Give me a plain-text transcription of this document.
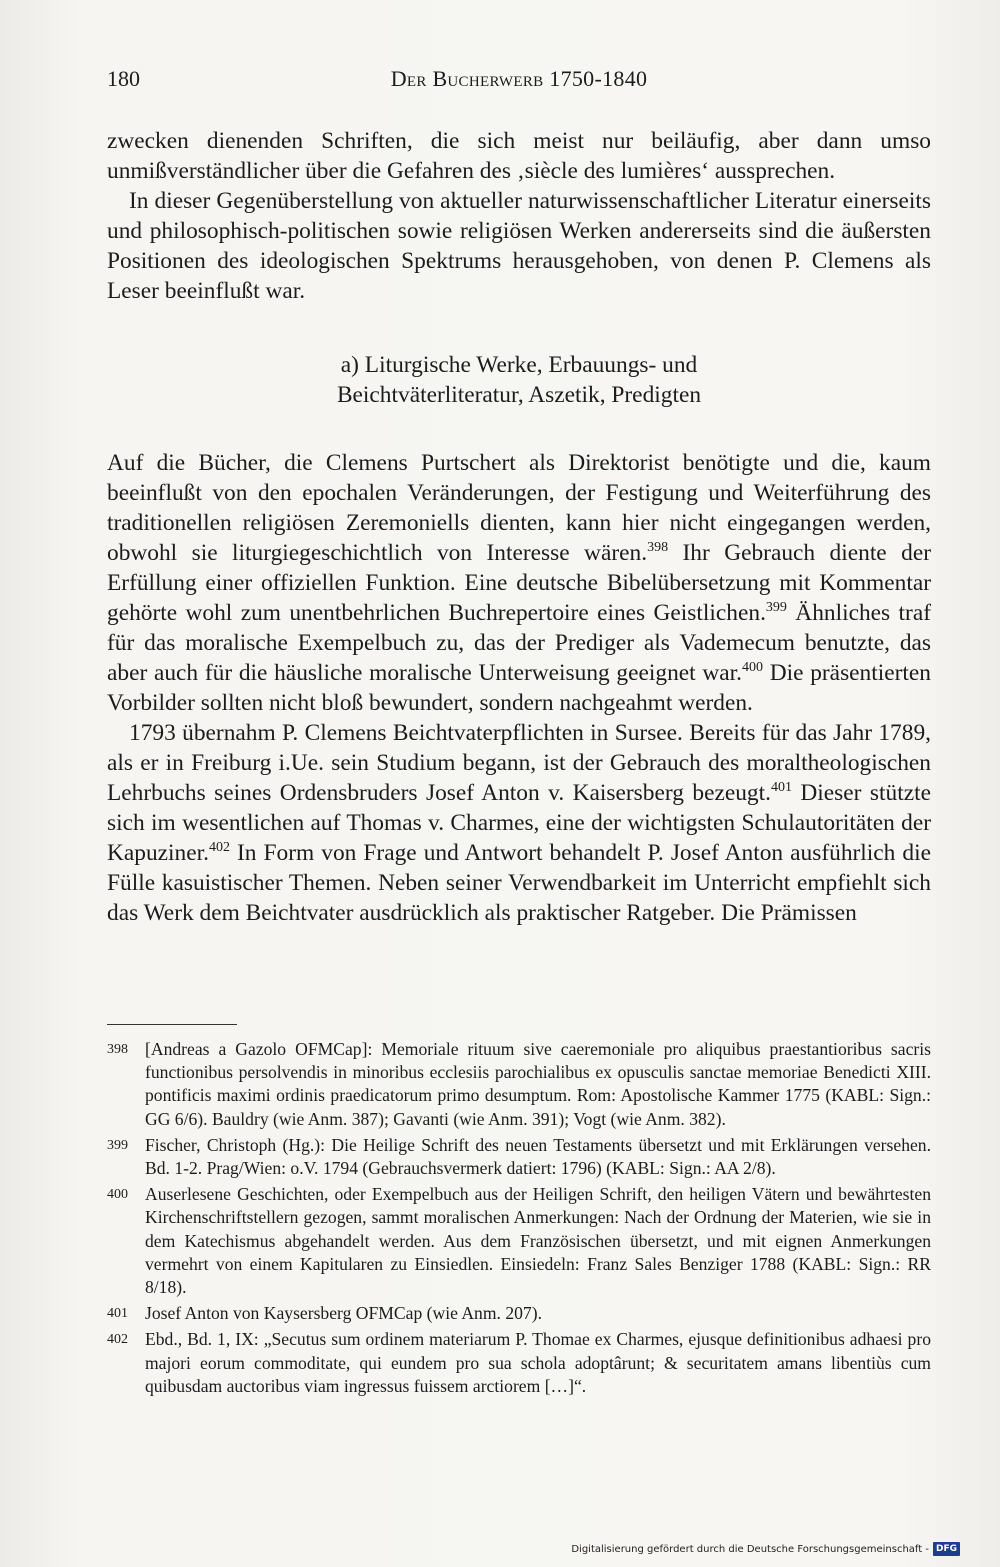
180	Der Bucherwerb 1750-1840

zwecken dienenden Schriften, die sich meist nur beiläufig, aber dann umso unmißverständlicher über die Gefahren des ‚siècle des lumières‘ aussprechen.

In dieser Gegenüberstellung von aktueller naturwissenschaftlicher Literatur einerseits und philosophisch-politischen sowie religiösen Werken andererseits sind die äußersten Positionen des ideologischen Spektrums herausgehoben, von denen P. Clemens als Leser beeinflußt war.

a) Liturgische Werke, Erbauungs- und
Beichtväterliteratur, Aszetik, Predigten

Auf die Bücher, die Clemens Purtschert als Direktorist benötigte und die, kaum beeinflußt von den epochalen Veränderungen, der Festigung und Weiterführung des traditionellen religiösen Zeremoniells dienten, kann hier nicht eingegangen werden, obwohl sie liturgiegeschichtlich von Interesse wären.$^{398}$ Ihr Gebrauch diente der Erfüllung einer offiziellen Funktion. Eine deutsche Bibelübersetzung mit Kommentar gehörte wohl zum unentbehrlichen Buchrepertoire eines Geistlichen.$^{399}$ Ähnliches traf für das moralische Exempelbuch zu, das der Prediger als Vademecum benutzte, das aber auch für die häusliche moralische Unterweisung geeignet war.$^{400}$ Die präsentierten Vorbilder sollten nicht bloß bewundert, sondern nachgeahmt werden.

1793 übernahm P. Clemens Beichtvaterpflichten in Sursee. Bereits für das Jahr 1789, als er in Freiburg i.Ue. sein Studium begann, ist der Gebrauch des moraltheologischen Lehrbuchs seines Ordensbruders Josef Anton v. Kaisersberg bezeugt.$^{401}$ Dieser stützte sich im wesentlichen auf Thomas v. Charmes, eine der wichtigsten Schulautoritäten der Kapuziner.$^{402}$ In Form von Frage und Antwort behandelt P. Josef Anton ausführlich die Fülle kasuistischer Themen. Neben seiner Verwendbarkeit im Unterricht empfiehlt sich das Werk dem Beichtvater ausdrücklich als praktischer Ratgeber. Die Prämissen

398 [Andreas a Gazolo OFMCap]: Memoriale rituum sive caeremoniale pro aliquibus praestantioribus sacris functionibus persolvendis in minoribus ecclesiis parochialibus ex opusculis sanctae memoriae Benedicti XIII. pontificis maximi ordinis praedicatorum primo desumptum. Rom: Apostolische Kammer 1775 (KABL: Sign.: GG 6/6). Bauldry (wie Anm. 387); Gavanti (wie Anm. 391); Vogt (wie Anm. 382).
399 Fischer, Christoph (Hg.): Die Heilige Schrift des neuen Testaments übersetzt und mit Erklärungen versehen. Bd. 1-2. Prag/Wien: o.V. 1794 (Gebrauchsvermerk datiert: 1796) (KABL: Sign.: AA 2/8).
400 Auserlesene Geschichten, oder Exempelbuch aus der Heiligen Schrift, den heiligen Vätern und bewährtesten Kirchenschriftstellern gezogen, sammt moralischen Anmerkungen: Nach der Ordnung der Materien, wie sie in dem Katechismus abgehandelt werden. Aus dem Französischen übersetzt, und mit eignen Anmerkungen vermehrt von einem Kapitularen zu Einsiedlen. Einsiedeln: Franz Sales Benziger 1788 (KABL: Sign.: RR 8/18).
401 Josef Anton von Kaysersberg OFMCap (wie Anm. 207).
402 Ebd., Bd. 1, IX: „Secutus sum ordinem materiarum P. Thomae ex Charmes, ejusque definitionibus adhaesi pro majori eorum commoditate, qui eundem pro sua schola adoptârunt; & securitatem amans libentiùs cum quibusdam auctoribus viam ingressus fuissem arctiorem […]“.
Digitalisierung gefördert durch die Deutsche Forschungsgemeinschaft - DFG
